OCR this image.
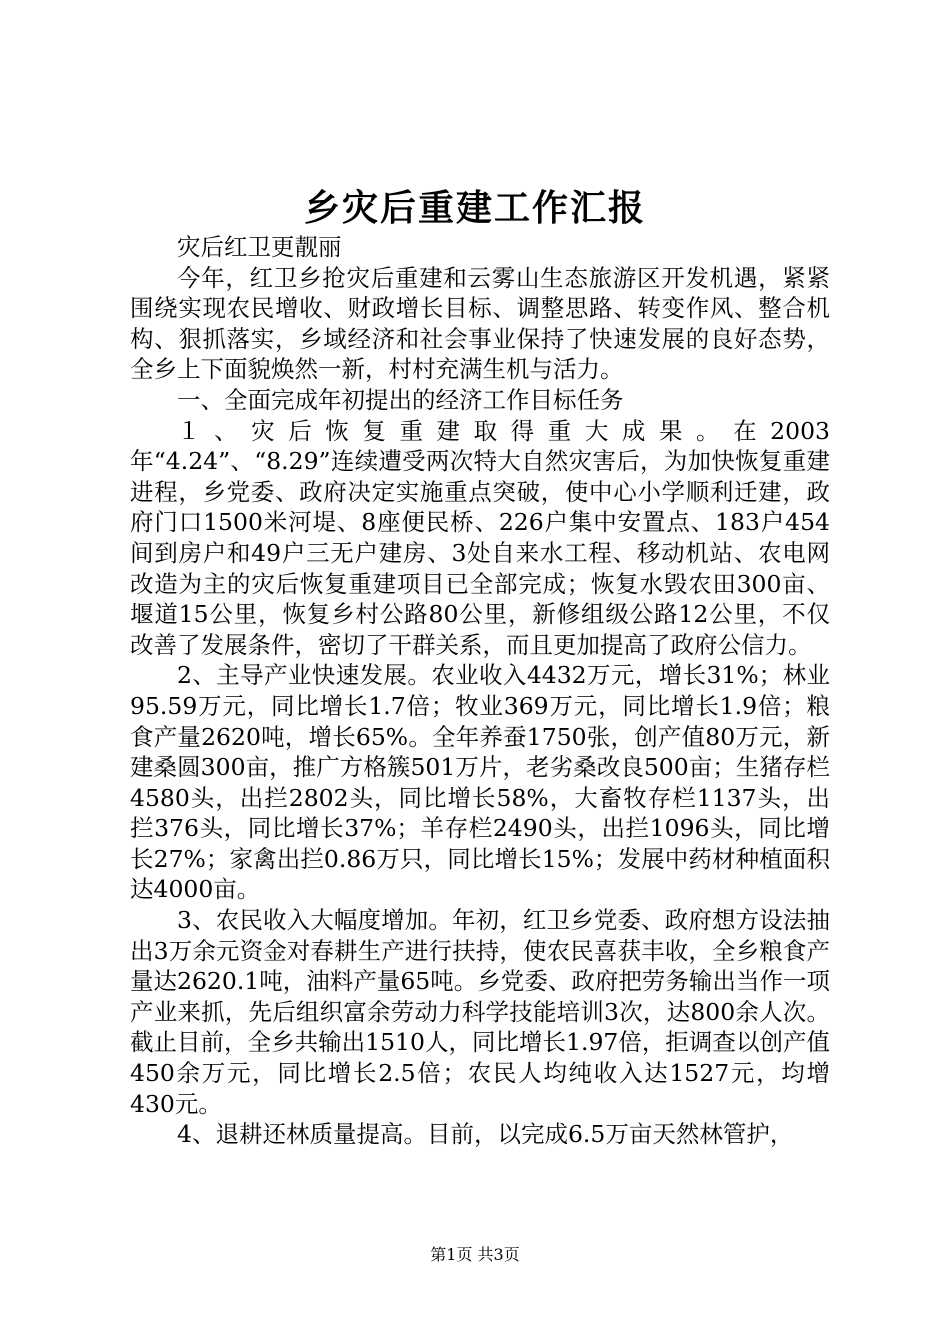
乡灾后重建工作汇报

灾后红卫更靓丽

今年，红卫乡抢灾后重建和云雾山生态旅游区开发机遇，紧紧围绕实现农民增收、财政增长目标、调整思路、转变作风、整合机构、狠抓落实，乡域经济和社会事业保持了快速发展的良好态势，全乡上下面貌焕然一新，村村充满生机与活力。

一、全面完成年初提出的经济工作目标任务

１、灾后恢复重建取得重大成果。在2003年“4.24”、“8.29”连续遭受两次特大自然灾害后，为加快恢复重建进程，乡党委、政府决定实施重点突破，使中心小学顺利迁建，政府门口1500米河堤、8座便民桥、226户集中安置点、183户454间到房户和49户三无户建房、3处自来水工程、移动机站、农电网改造为主的灾后恢复重建项目已全部完成；恢复水毁农田300亩、堰道15公里，恢复乡村公路80公里，新修组级公路12公里，不仅改善了发展条件，密切了干群关系，而且更加提高了政府公信力。

2、主导产业快速发展。农业收入4432万元，增长31%；林业95.59万元，同比增长1.7倍；牧业369万元，同比增长1.9倍；粮食产量2620吨，增长65%。全年养蚕1750张，创产值80万元，新建桑圆300亩，推广方格簇501万片，老劣桑改良500亩；生猪存栏4580头，出拦2802头，同比增长58%，大畜牧存栏1137头，出拦376头，同比增长37%；羊存栏2490头，出拦1096头，同比增长27%；家禽出拦0.86万只，同比增长15%；发展中药材种植面积达4000亩。

3、农民收入大幅度增加。年初，红卫乡党委、政府想方设法抽出3万余元资金对春耕生产进行扶持，使农民喜获丰收，全乡粮食产量达2620.1吨，油料产量65吨。乡党委、政府把劳务输出当作一项产业来抓，先后组织富余劳动力科学技能培训3次，达800余人次。截止目前，全乡共输出1510人，同比增长1.97倍，拒调查以创产值450余万元，同比增长2.5倍；农民人均纯收入达1527元，均增430元。

4、退耕还林质量提高。目前，以完成6.5万亩天然林管护，

第1页 共3页
